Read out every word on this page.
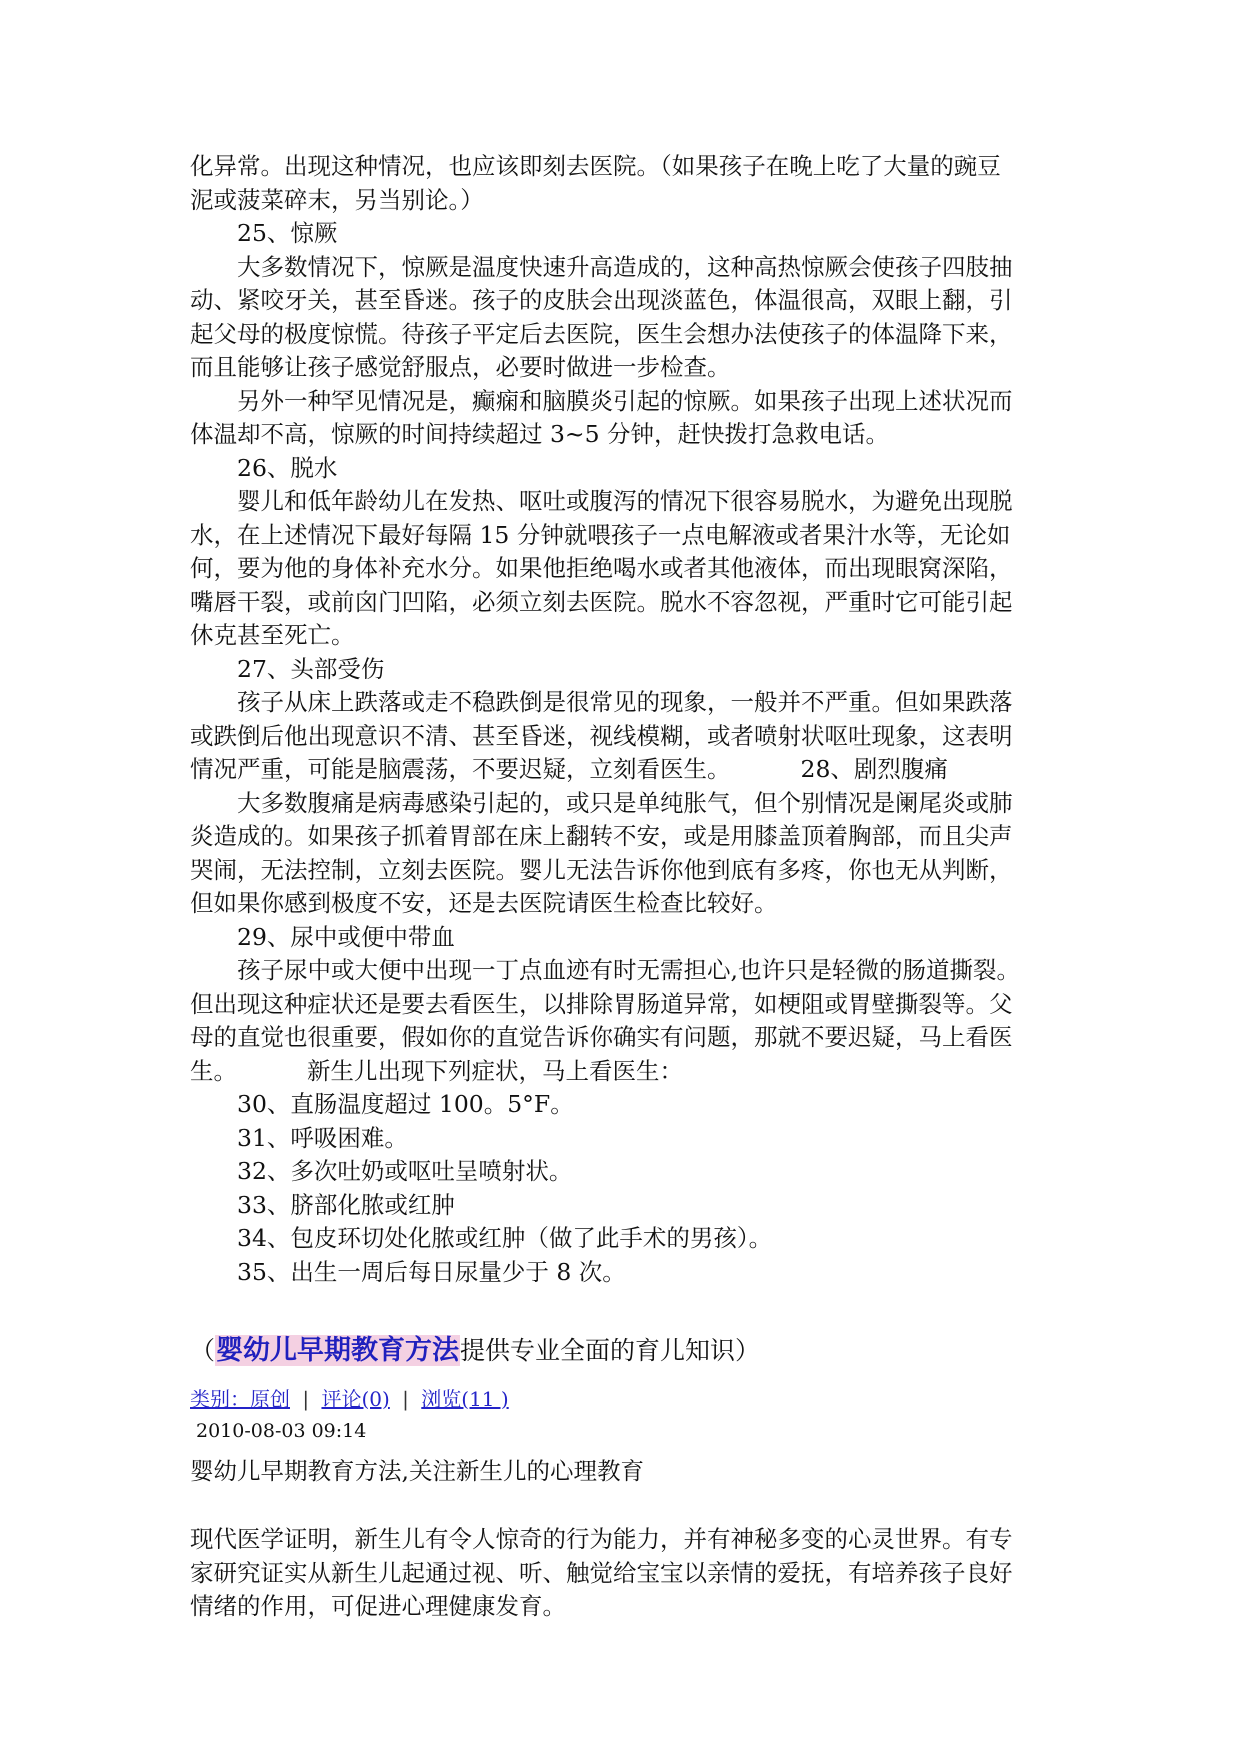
化异常。出现这种情况，也应该即刻去医院。（如果孩子在晚上吃了大量的豌豆

泥或菠菜碎末，另当别论。）

25、惊厥

大多数情况下，惊厥是温度快速升高造成的，这种高热惊厥会使孩子四肢抽

动、紧咬牙关，甚至昏迷。孩子的皮肤会出现淡蓝色，体温很高，双眼上翻，引

起父母的极度惊慌。待孩子平定后去医院，医生会想办法使孩子的体温降下来，

而且能够让孩子感觉舒服点，必要时做进一步检查。

另外一种罕见情况是，癫痫和脑膜炎引起的惊厥。如果孩子出现上述状况而

体温却不高，惊厥的时间持续超过 3~5 分钟，赶快拨打急救电话。

26、脱水

婴儿和低年龄幼儿在发热、呕吐或腹泻的情况下很容易脱水，为避免出现脱

水，在上述情况下最好每隔 15 分钟就喂孩子一点电解液或者果汁水等，无论如

何，要为他的身体补充水分。如果他拒绝喝水或者其他液体，而出现眼窝深陷，

嘴唇干裂，或前囟门凹陷，必须立刻去医院。脱水不容忽视，严重时它可能引起

休克甚至死亡。

27、头部受伤

孩子从床上跌落或走不稳跌倒是很常见的现象，一般并不严重。但如果跌落

或跌倒后他出现意识不清、甚至昏迷，视线模糊，或者喷射状呕吐现象，这表明

情况严重，可能是脑震荡，不要迟疑，立刻看医生。	28、剧烈腹痛

大多数腹痛是病毒感染引起的，或只是单纯胀气，但个别情况是阑尾炎或肺

炎造成的。如果孩子抓着胃部在床上翻转不安，或是用膝盖顶着胸部，而且尖声

哭闹，无法控制，立刻去医院。婴儿无法告诉你他到底有多疼，你也无从判断，

但如果你感到极度不安，还是去医院请医生检查比较好。

29、尿中或便中带血

孩子尿中或大便中出现一丁点血迹有时无需担心,也许只是轻微的肠道撕裂。

但出现这种症状还是要去看医生，以排除胃肠道异常，如梗阻或胃壁撕裂等。父

母的直觉也很重要，假如你的直觉告诉你确实有问题，那就不要迟疑，马上看医

生。	新生儿出现下列症状，马上看医生：

30、直肠温度超过 100。5°F。

31、呼吸困难。

32、多次吐奶或呕吐呈喷射状。

33、脐部化脓或红肿

34、包皮环切处化脓或红肿（做了此手术的男孩）。

35、出生一周后每日尿量少于 8 次。

（婴幼儿早期教育方法提供专业全面的育儿知识）
类别：原创 | 评论(0) | 浏览(11 )
2010-08-03 09:14
婴幼儿早期教育方法,关注新生儿的心理教育

现代医学证明，新生儿有令人惊奇的行为能力，并有神秘多变的心灵世界。有专

家研究证实从新生儿起通过视、听、触觉给宝宝以亲情的爱抚，有培养孩子良好

情绪的作用，可促进心理健康发育。
